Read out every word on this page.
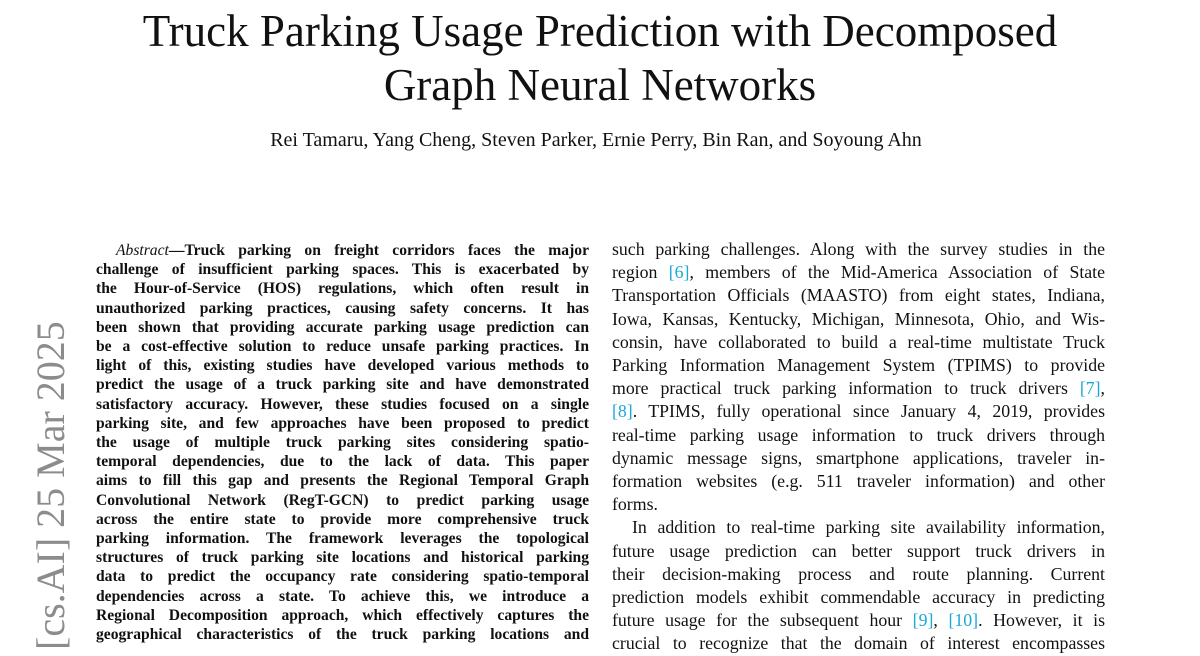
Truck Parking Usage Prediction with Decomposed
Graph Neural Networks
Rei Tamaru, Yang Cheng, Steven Parker, Ernie Perry, Bin Ran, and Soyoung Ahn
[cs.AI] 25 Mar 2025
Abstract—Truck parking on freight corridors faces the major
challenge of insufficient parking spaces. This is exacerbated by
the Hour-of-Service (HOS) regulations, which often result in
unauthorized parking practices, causing safety concerns. It has
been shown that providing accurate parking usage prediction can
be a cost-effective solution to reduce unsafe parking practices. In
light of this, existing studies have developed various methods to
predict the usage of a truck parking site and have demonstrated
satisfactory accuracy. However, these studies focused on a single
parking site, and few approaches have been proposed to predict
the usage of multiple truck parking sites considering spatio-
temporal dependencies, due to the lack of data. This paper
aims to fill this gap and presents the Regional Temporal Graph
Convolutional Network (RegT-GCN) to predict parking usage
across the entire state to provide more comprehensive truck
parking information. The framework leverages the topological
structures of truck parking site locations and historical parking
data to predict the occupancy rate considering spatio-temporal
dependencies across a state. To achieve this, we introduce a
Regional Decomposition approach, which effectively captures the
geographical characteristics of the truck parking locations and
such parking challenges. Along with the survey studies in the
region [6], members of the Mid-America Association of State
Transportation Officials (MAASTO) from eight states, Indiana,
Iowa, Kansas, Kentucky, Michigan, Minnesota, Ohio, and Wis-
consin, have collaborated to build a real-time multistate Truck
Parking Information Management System (TPIMS) to provide
more practical truck parking information to truck drivers [7],
[8]. TPIMS, fully operational since January 4, 2019, provides
real-time parking usage information to truck drivers through
dynamic message signs, smartphone applications, traveler in-
formation websites (e.g. 511 traveler information) and other
forms.
In addition to real-time parking site availability information,
future usage prediction can better support truck drivers in
their decision-making process and route planning. Current
prediction models exhibit commendable accuracy in predicting
future usage for the subsequent hour [9], [10]. However, it is
crucial to recognize that the domain of interest encompasses
